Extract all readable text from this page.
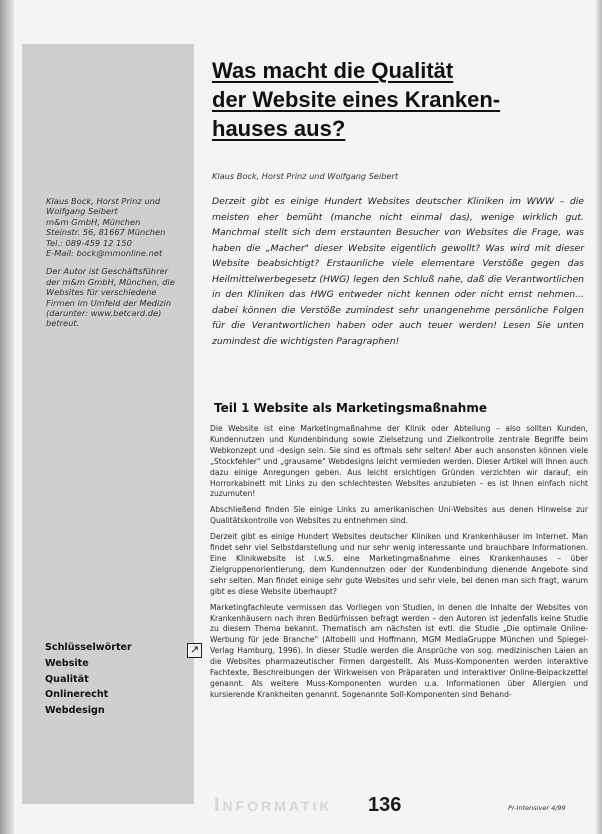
Klaus Bock, Horst Prinz und

Wolfgang Seibert

m&m GmbH, München

Steinstr. 56, 81667 München

Tel.: 089-459 12 150

E-Mail: bock@mmonline.net

Der Autor ist Geschäftsführer

der m&m GmbH, München, die

Websites für verschiedene

Firmen im Umfeld der Medizin

(darunter: www.betcard.de)

betreut.

Schlüsselwörter
Website
Qualität
Onlinerecht
Webdesign
↗
Was macht die Qualität
der Website eines Kranken-
hauses aus?
Klaus Bock, Horst Prinz und Wolfgang Seibert

Derzeit gibt es einige Hundert Websites deutscher Kliniken im WWW – die meisten eher bemüht (manche nicht einmal das), wenige wirklich gut. Manchmal stellt sich dem erstaunten Besucher von Websites die Frage, was haben die „Macher" dieser Website eigentlich gewollt? Was wird mit dieser Website beabsichtigt? Erstaunliche viele elementare Verstöße gegen das Heilmittelwerbegesetz (HWG) legen den Schluß nahe, daß die Verantwortlichen in den Kliniken das HWG entweder nicht kennen oder nicht ernst nehmen... dabei können die Verstöße zumindest sehr unangenehme persönliche Folgen für die Verantwortlichen haben oder auch teuer werden! Lesen Sie unten zumindest die wichtigsten Paragraphen!

Teil 1 Website als Marketingsmaßnahme

Die Website ist eine Marketingmaßnahme der Klinik oder Abteilung – also sollten Kunden, Kundennutzen und Kundenbindung sowie Zielsetzung und Zielkontrolle zentrale Begriffe beim Webkonzept und -design sein. Sie sind es oftmals sehr selten! Aber auch ansonsten können viele „Stockfehler" und „grausame" Webdesigns leicht vermieden werden. Dieser Artikel will Ihnen auch dazu einige Anregungen geben. Aus leicht ersichtigen Gründen verzichten wir darauf, ein Horrorkabinett mit Links zu den schlechtesten Websites anzubieten – es ist Ihnen einfach nicht zuzumuten!

Abschließend finden Sie einige Links zu amerikanischen Uni-Websites aus denen Hinweise zur Qualitätskontrolle von Websites zu entnehmen sind.

Derzeit gibt es einige Hundert Websites deutscher Kliniken und Krankenhäuser im Internet. Man findet sehr viel Selbstdarstellung und nur sehr wenig interessante und brauchbare Informationen. Eine Klinikwebsite ist i.w.S. eine Marketingmaßnahme eines Krankenhauses – über Zielgruppenorientierung, dem Kundennutzen oder der Kundenbindung dienende Angebote sind sehr selten. Man findet einige sehr gute Websites und sehr viele, bei denen man sich fragt, warum gibt es diese Website überhaupt?

Marketingfachleute vermissen das Vorliegen von Studien, in denen die Inhalte der Websites von Krankenhäusern nach ihren Bedürfnissen befragt werden – den Autoren ist jedenfalls keine Studie zu diesem Thema bekannt. Thematisch am nächsten ist evtl. die Studie „Die optimale Online-Werbung für jede Branche" (Altobelli und Hoffmann, MGM MediaGruppe München und Spiegel-Verlag Hamburg, 1996). In dieser Studie werden die Ansprüche von sog. medizinischen Laien an die Websites pharmazeutischer Firmen dargestellt. Als Muss-Komponenten werden interaktive Fachtexte, Beschreibungen der Wirkweisen von Präparaten und interaktiver Online-Beipackzettel genannt. Als weitere Muss-Komponenten wurden u.a. Informationen über Allergien und kursierende Krankheiten genannt. Sogenannte Soll-Komponenten sind Behand-

Informatik 136	Pr-Intensiver 4/99
